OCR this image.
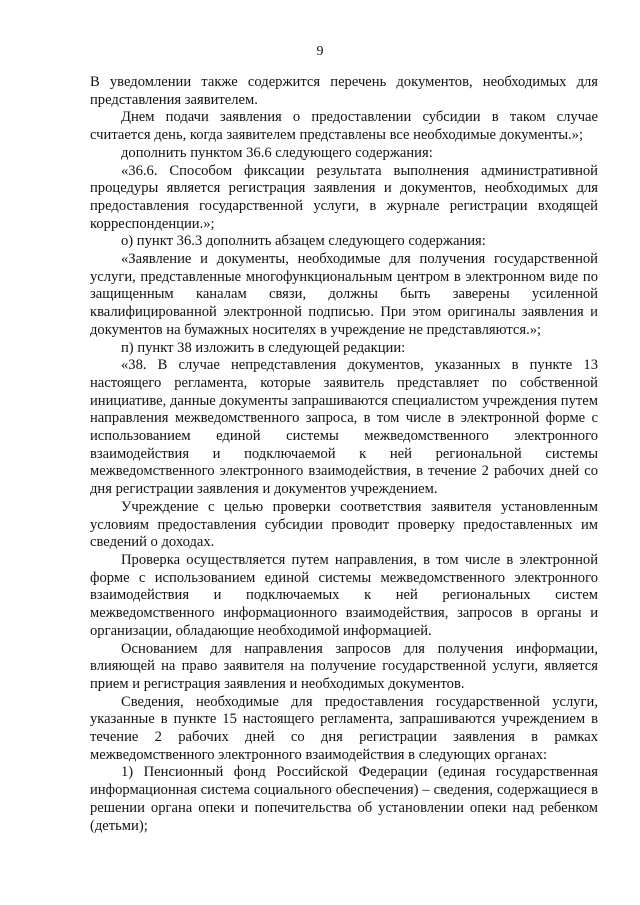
9

В уведомлении также содержится перечень документов, необходимых для представления заявителем.

Днем подачи заявления о предоставлении субсидии в таком случае считается день, когда заявителем представлены все необходимые документы.»;

дополнить пунктом 36.6 следующего содержания:

«36.6. Способом фиксации результата выполнения административной процедуры является регистрация заявления и документов, необходимых для предоставления государственной услуги, в журнале регистрации входящей корреспонденции.»;

о) пункт 36.3 дополнить абзацем следующего содержания:

«Заявление и документы, необходимые для получения государственной услуги, представленные многофункциональным центром в электронном виде по защищенным каналам связи, должны быть заверены усиленной квалифицированной электронной подписью. При этом оригиналы заявления и документов на бумажных носителях в учреждение не представляются.»;

п) пункт 38 изложить в следующей редакции:

«38. В случае непредставления документов, указанных в пункте 13 настоящего регламента, которые заявитель представляет по собственной инициативе, данные документы запрашиваются специалистом учреждения путем направления межведомственного запроса, в том числе в электронной форме с использованием единой системы межведомственного электронного взаимодействия и подключаемой к ней региональной системы межведомственного электронного взаимодействия, в течение 2 рабочих дней со дня регистрации заявления и документов учреждением.

Учреждение с целью проверки соответствия заявителя установленным условиям предоставления субсидии проводит проверку предоставленных им сведений о доходах.

Проверка осуществляется путем направления, в том числе в электронной форме с использованием единой системы межведомственного электронного взаимодействия и подключаемых к ней региональных систем межведомственного информационного взаимодействия, запросов в органы и организации, обладающие необходимой информацией.

Основанием для направления запросов для получения информации, влияющей на право заявителя на получение государственной услуги, является прием и регистрация заявления и необходимых документов.

Сведения, необходимые для предоставления государственной услуги, указанные в пункте 15 настоящего регламента, запрашиваются учреждением в течение 2 рабочих дней со дня регистрации заявления в рамках межведомственного электронного взаимодействия в следующих органах:

1) Пенсионный фонд Российской Федерации (единая государственная информационная система социального обеспечения) – сведения, содержащиеся в решении органа опеки и попечительства об установлении опеки над ребенком (детьми);
